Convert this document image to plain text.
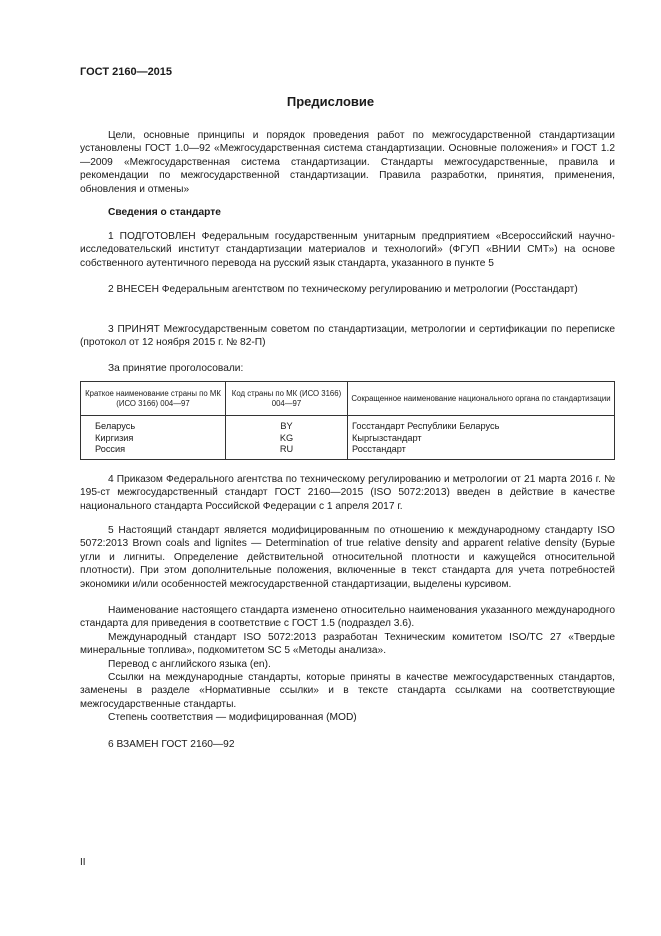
ГОСТ 2160—2015
Предисловие
Цели, основные принципы и порядок проведения работ по межгосударственной стандартизации установлены ГОСТ 1.0—92 «Межгосударственная система стандартизации. Основные положения» и ГОСТ 1.2—2009 «Межгосударственная система стандартизации. Стандарты межгосударственные, правила и рекомендации по межгосударственной стандартизации. Правила разработки, принятия, применения, обновления и отмены»
Сведения о стандарте
1 ПОДГОТОВЛЕН Федеральным государственным унитарным предприятием «Всероссийский научно-исследовательский институт стандартизации материалов и технологий» (ФГУП «ВНИИ СМТ») на основе собственного аутентичного перевода на русский язык стандарта, указанного в пункте 5
2 ВНЕСЕН Федеральным агентством по техническому регулированию и метрологии (Росстандарт)
3 ПРИНЯТ Межгосударственным советом по стандартизации, метрологии и сертификации по переписке (протокол от 12 ноября 2015 г. № 82-П)
За принятие проголосовали:
Краткое наименование страны по МК (ИСО 3166) 004—97	Код страны по МК (ИСО 3166) 004—97	Сокращенное наименование национального органа по стандартизации
Беларусь	BY	Госстандарт Республики Беларусь
Киргизия	KG	Кыргызстандарт
Россия	RU	Росстандарт
4 Приказом Федерального агентства по техническому регулированию и метрологии от 21 марта 2016 г. № 195-ст межгосударственный стандарт ГОСТ 2160—2015 (ISO 5072:2013) введен в действие в качестве национального стандарта Российской Федерации с 1 апреля 2017 г.
5 Настоящий стандарт является модифицированным по отношению к международному стандарту ISO 5072:2013 Brown coals and lignites — Determination of true relative density and apparent relative density (Бурые угли и лигниты. Определение действительной относительной плотности и кажущейся относительной плотности). При этом дополнительные положения, включенные в текст стандарта для учета потребностей экономики и/или особенностей межгосударственной стандартизации, выделены курсивом.
Наименование настоящего стандарта изменено относительно наименования указанного международного стандарта для приведения в соответствие с ГОСТ 1.5 (подраздел 3.6).
Международный стандарт ISO 5072:2013 разработан Техническим комитетом ISO/TC 27 «Твердые минеральные топлива», подкомитетом SC 5 «Методы анализа».
Перевод с английского языка (en).
Ссылки на международные стандарты, которые приняты в качестве межгосударственных стандартов, заменены в разделе «Нормативные ссылки» и в тексте стандарта ссылками на соответствующие межгосударственные стандарты.
Степень соответствия — модифицированная (MOD)
6 ВЗАМЕН ГОСТ 2160—92
II
